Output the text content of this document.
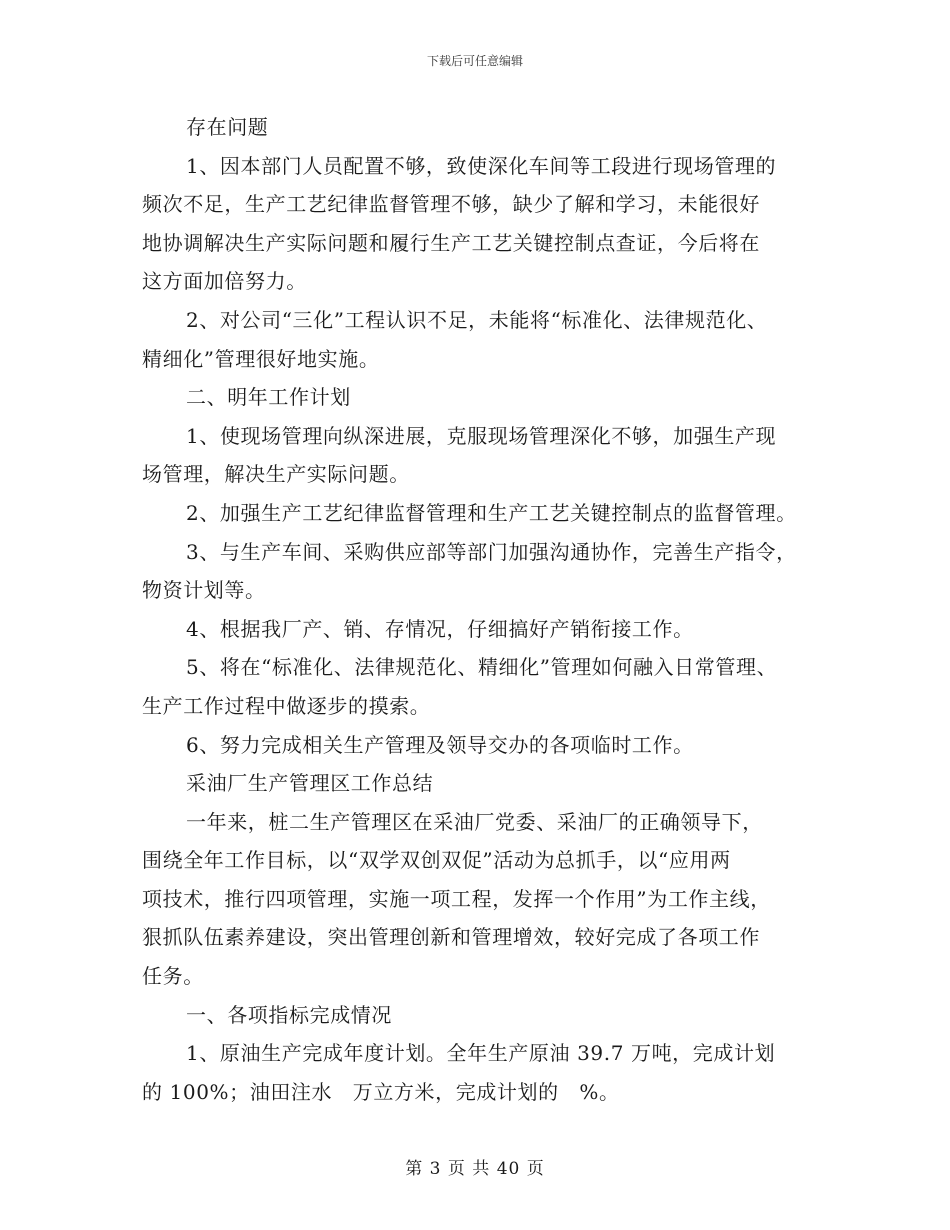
下载后可任意编辑
存在问题
1、因本部门人员配置不够，致使深化车间等工段进行现场管理的
频次不足，生产工艺纪律监督管理不够，缺少了解和学习，未能很好
地协调解决生产实际问题和履行生产工艺关键控制点查证，今后将在
这方面加倍努力。
2、对公司“三化”工程认识不足，未能将“标准化、法律规范化、
精细化”管理很好地实施。
二、明年工作计划
1、使现场管理向纵深进展，克服现场管理深化不够，加强生产现
场管理，解决生产实际问题。
2、加强生产工艺纪律监督管理和生产工艺关键控制点的监督管理。
3、与生产车间、采购供应部等部门加强沟通协作，完善生产指令，
物资计划等。
4、根据我厂产、销、存情况，仔细搞好产销衔接工作。
5、将在“标准化、法律规范化、精细化”管理如何融入日常管理、
生产工作过程中做逐步的摸索。
6、努力完成相关生产管理及领导交办的各项临时工作。
采油厂生产管理区工作总结
一年来，桩二生产管理区在采油厂党委、采油厂的正确领导下，
围绕全年工作目标，以“双学双创双促”活动为总抓手，以“应用两
项技术，推行四项管理，实施一项工程，发挥一个作用”为工作主线，
狠抓队伍素养建设，突出管理创新和管理增效，较好完成了各项工作
任务。
一、各项指标完成情况
1、原油生产完成年度计划。全年生产原油 39.7 万吨，完成计划
的 100%；油田注水　万立方米，完成计划的　%。
第 3 页 共 40 页
